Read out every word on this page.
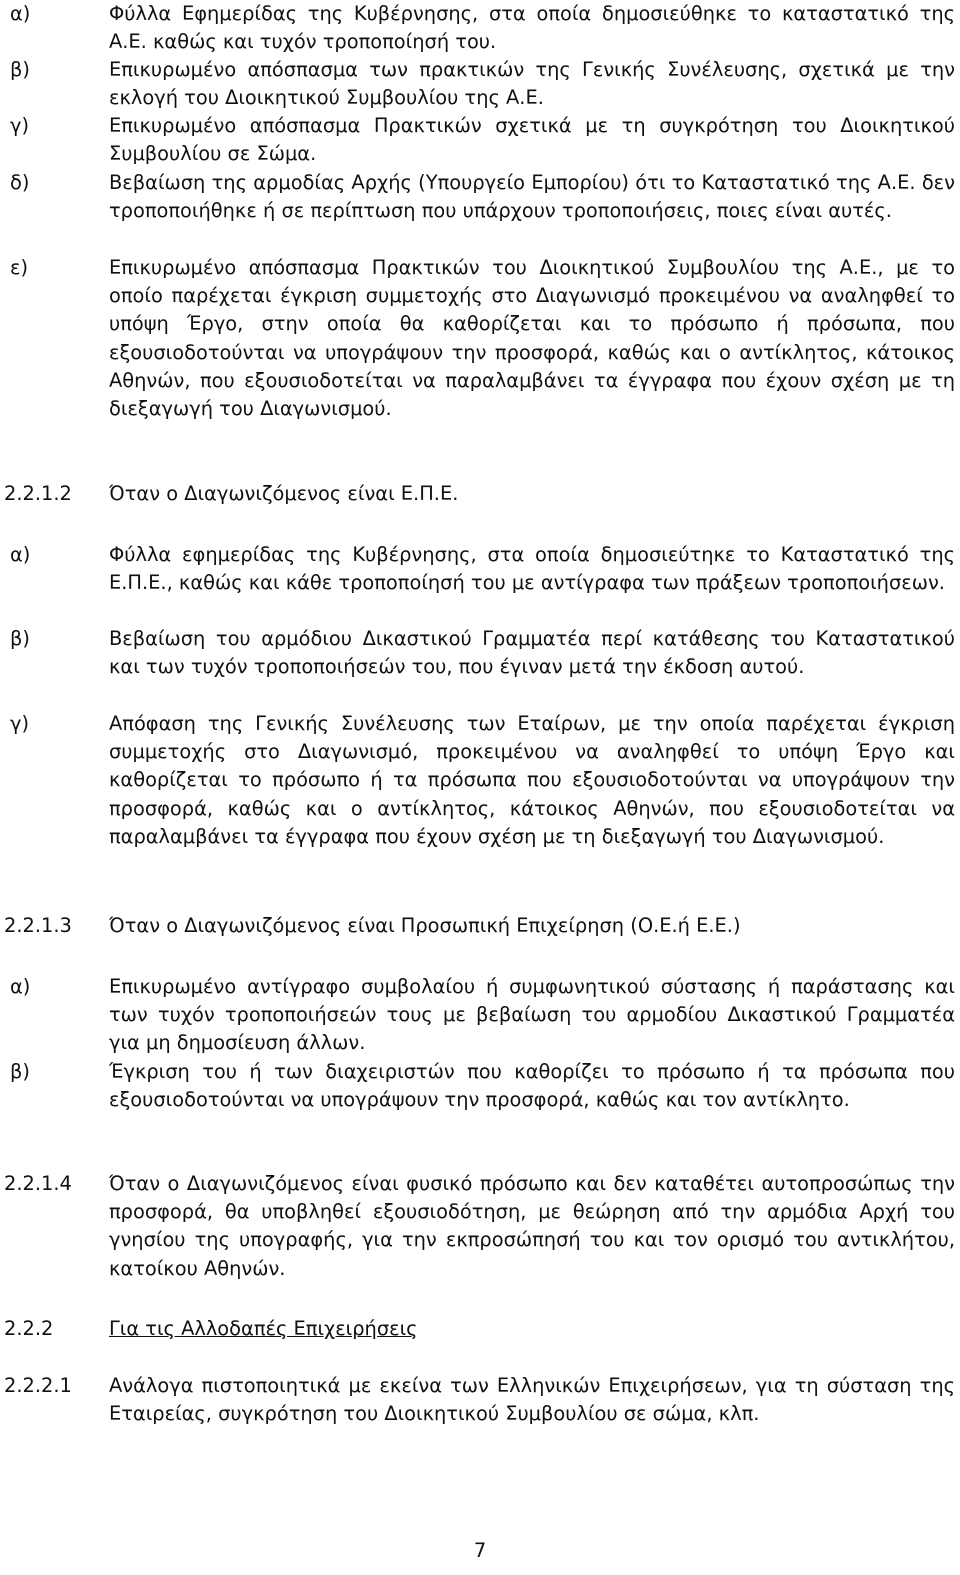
α)	Φύλλα Εφημερίδας της Κυβέρνησης, στα οποία δημοσιεύθηκε το καταστατικό της Α.Ε. καθώς και τυχόν τροποποίησή του.
β)	Επικυρωμένο απόσπασμα των πρακτικών της Γενικής Συνέλευσης, σχετικά με την εκλογή του Διοικητικού Συμβουλίου της Α.Ε.
γ)	Επικυρωμένο απόσπασμα Πρακτικών σχετικά με τη συγκρότηση του Διοικητικού Συμβουλίου σε Σώμα.
δ)	Βεβαίωση της αρμοδίας Αρχής (Υπουργείο Εμπορίου) ότι το Καταστατικό της Α.Ε. δεν τροποποιήθηκε ή σε περίπτωση που υπάρχουν τροποποιήσεις, ποιες είναι αυτές.
ε)	Επικυρωμένο απόσπασμα Πρακτικών του Διοικητικού Συμβουλίου της Α.Ε., με το οποίο παρέχεται έγκριση συμμετοχής στο Διαγωνισμό προκειμένου να αναληφθεί το υπόψη Έργο, στην οποία θα καθορίζεται και το πρόσωπο ή πρόσωπα, που εξουσιοδοτούνται να υπογράψουν την προσφορά, καθώς και ο αντίκλητος, κάτοικος Αθηνών, που εξουσιοδοτείται να παραλαμβάνει τα έγγραφα που έχουν σχέση με τη διεξαγωγή του Διαγωνισμού.
2.2.1.2 Όταν ο Διαγωνιζόμενος είναι Ε.Π.Ε.
α)	Φύλλα εφημερίδας της Κυβέρνησης, στα οποία δημοσιεύτηκε το Καταστατικό της Ε.Π.Ε., καθώς και κάθε τροποποίησή του με αντίγραφα των πράξεων τροποποιήσεων.
β)	Βεβαίωση του αρμόδιου Δικαστικού Γραμματέα περί κατάθεσης του Καταστατικού και των τυχόν τροποποιήσεών του, που έγιναν μετά την έκδοση αυτού.
γ)	Απόφαση της Γενικής Συνέλευσης των Εταίρων, με την οποία παρέχεται έγκριση συμμετοχής στο Διαγωνισμό, προκειμένου να αναληφθεί το υπόψη Έργο και καθορίζεται το πρόσωπο ή τα πρόσωπα που εξουσιοδοτούνται να υπογράψουν την προσφορά, καθώς και ο αντίκλητος, κάτοικος Αθηνών, που εξουσιοδοτείται να παραλαμβάνει τα έγγραφα που έχουν σχέση με τη διεξαγωγή του Διαγωνισμού.
2.2.1.3 Όταν ο Διαγωνιζόμενος είναι Προσωπική Επιχείρηση (Ο.Ε.ή Ε.Ε.)
α)	Επικυρωμένο αντίγραφο συμβολαίου ή συμφωνητικού σύστασης ή παράστασης και των τυχόν τροποποιήσεών τους με βεβαίωση του αρμοδίου Δικαστικού Γραμματέα για μη δημοσίευση άλλων.
β)	Έγκριση του ή των διαχειριστών που καθορίζει το πρόσωπο ή τα πρόσωπα που εξουσιοδοτούνται να υπογράψουν την προσφορά, καθώς και τον αντίκλητο.
2.2.1.4 Όταν ο Διαγωνιζόμενος είναι φυσικό πρόσωπο και δεν καταθέτει αυτοπροσώπως την προσφορά, θα υποβληθεί εξουσιοδότηση, με θεώρηση από την αρμόδια Αρχή του γνησίου της υπογραφής, για την εκπροσώπησή του και τον ορισμό του αντικλήτου, κατοίκου Αθηνών.
2.2.2	Για τις Αλλοδαπές Επιχειρήσεις
2.2.2.1 Ανάλογα πιστοποιητικά με εκείνα των Ελληνικών Επιχειρήσεων, για τη σύσταση της Εταιρείας, συγκρότηση του Διοικητικού Συμβουλίου σε σώμα, κλπ.
7
